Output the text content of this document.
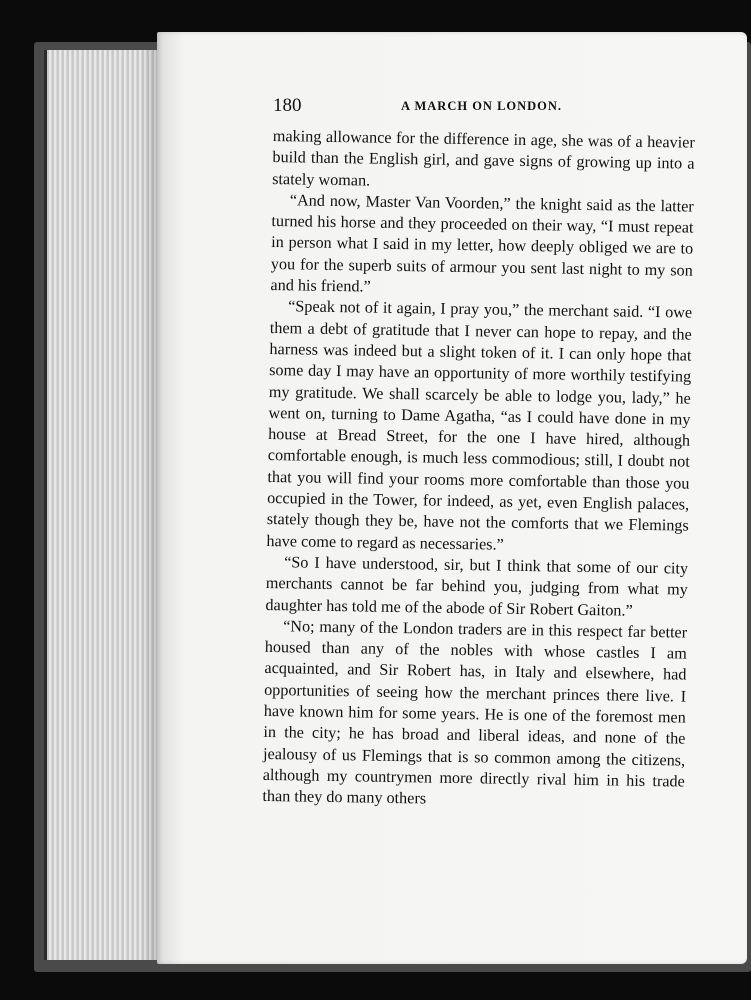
180	A MARCH ON LONDON.

making allowance for the difference in age, she was of a heavier build than the English girl, and gave signs of growing up into a stately woman.

“And now, Master Van Voorden,” the knight said as the latter turned his horse and they proceeded on their way, “I must repeat in person what I said in my letter, how deeply obliged we are to you for the superb suits of armour you sent last night to my son and his friend.”

“Speak not of it again, I pray you,” the merchant said. “I owe them a debt of gratitude that I never can hope to repay, and the harness was indeed but a slight token of it. I can only hope that some day I may have an opportunity of more worthily testifying my gratitude. We shall scarcely be able to lodge you, lady,” he went on, turning to Dame Agatha, “as I could have done in my house at Bread Street, for the one I have hired, although comfortable enough, is much less commodious; still, I doubt not that you will find your rooms more comfortable than those you occupied in the Tower, for indeed, as yet, even English palaces, stately though they be, have not the comforts that we Flemings have come to regard as necessaries.”

“So I have understood, sir, but I think that some of our city merchants cannot be far behind you, judging from what my daughter has told me of the abode of Sir Robert Gaiton.”

“No; many of the London traders are in this respect far better housed than any of the nobles with whose castles I am acquainted, and Sir Robert has, in Italy and elsewhere, had opportunities of seeing how the merchant princes there live. I have known him for some years. He is one of the foremost men in the city; he has broad and liberal ideas, and none of the jealousy of us Flemings that is so common among the citizens, although my countrymen more directly rival him in his trade than they do many others
